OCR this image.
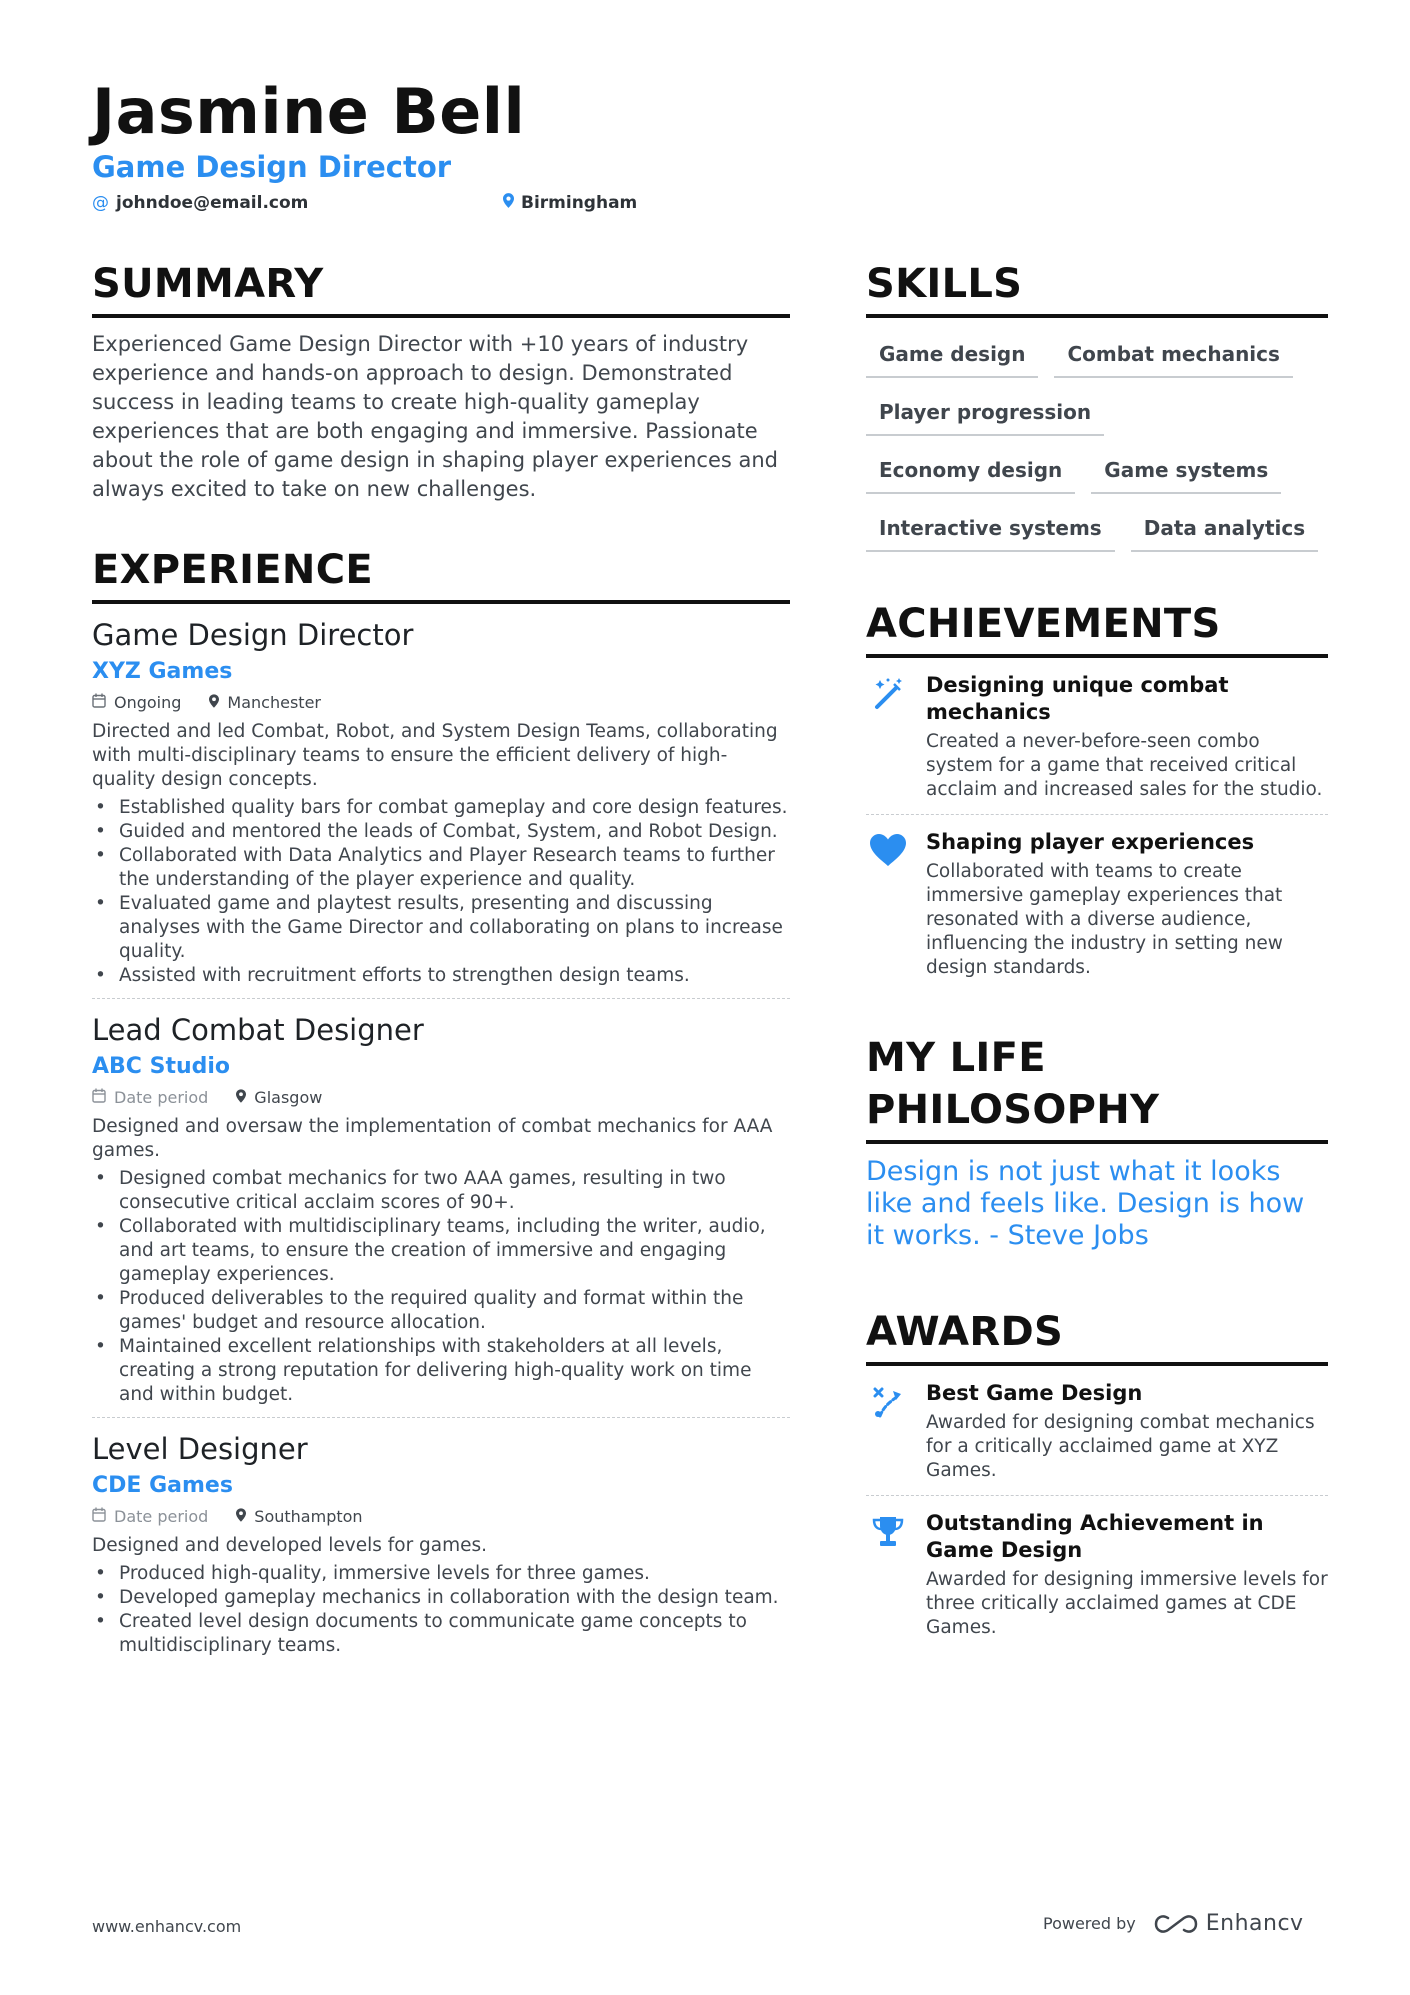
Jasmine Bell
Game Design Director
@ johndoe@email.com	Birmingham
SUMMARY

Experienced Game Design Director with +10 years of industry experience and hands-on approach to design. Demonstrated success in leading teams to create high-quality gameplay experiences that are both engaging and immersive. Passionate about the role of game design in shaping player experiences and always excited to take on new challenges.

EXPERIENCE
Game Design Director
XYZ Games
Ongoing	Manchester
Directed and led Combat, Robot, and System Design Teams, collaborating with multi-disciplinary teams to ensure the efficient delivery of high-quality design concepts.
• Established quality bars for combat gameplay and core design features.
• Guided and mentored the leads of Combat, System, and Robot Design.
• Collaborated with Data Analytics and Player Research teams to further the understanding of the player experience and quality.
• Evaluated game and playtest results, presenting and discussing analyses with the Game Director and collaborating on plans to increase quality.
• Assisted with recruitment efforts to strengthen design teams.
Lead Combat Designer
ABC Studio
Date period	Glasgow
Designed and oversaw the implementation of combat mechanics for AAA games.
• Designed combat mechanics for two AAA games, resulting in two consecutive critical acclaim scores of 90+.
• Collaborated with multidisciplinary teams, including the writer, audio, and art teams, to ensure the creation of immersive and engaging gameplay experiences.
• Produced deliverables to the required quality and format within the games' budget and resource allocation.
• Maintained excellent relationships with stakeholders at all levels, creating a strong reputation for delivering high-quality work on time and within budget.
Level Designer
CDE Games
Date period	Southampton
Designed and developed levels for games.
• Produced high-quality, immersive levels for three games.
• Developed gameplay mechanics in collaboration with the design team.
• Created level design documents to communicate game concepts to multidisciplinary teams.
SKILLS
Game design	Combat mechanics
Player progression
Economy design	Game systems
Interactive systems	Data analytics
ACHIEVEMENTS
Designing unique combat mechanics
Created a never-before-seen combo system for a game that received critical acclaim and increased sales for the studio.
Shaping player experiences
Collaborated with teams to create immersive gameplay experiences that resonated with a diverse audience, influencing the industry in setting new design standards.
MY LIFE PHILOSOPHY
Design is not just what it looks like and feels like. Design is how it works. - Steve Jobs
AWARDS
Best Game Design
Awarded for designing combat mechanics for a critically acclaimed game at XYZ Games.
Outstanding Achievement in Game Design
Awarded for designing immersive levels for three critically acclaimed games at CDE Games.
www.enhancv.com	Powered by	Enhancv
